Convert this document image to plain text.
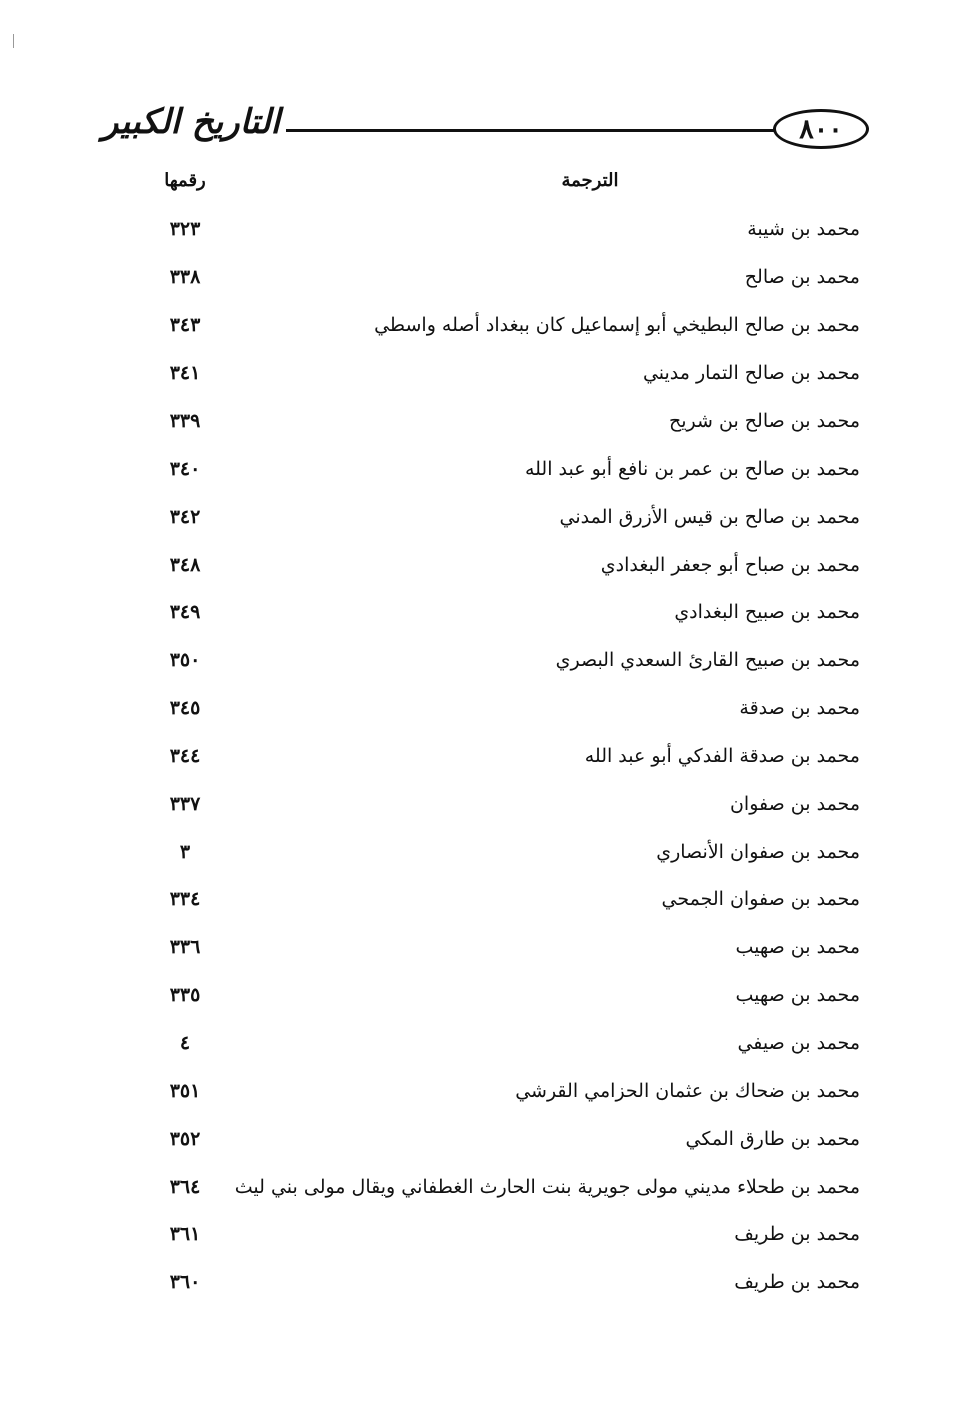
التاريخ الكبير	٨٠٠
الترجمة
رقمها
محمد بن شيبة
٣٢٣
محمد بن صالح
٣٣٨
محمد بن صالح البطيخي أبو إسماعيل كان ببغداد أصله واسطي
٣٤٣
محمد بن صالح التمار مديني
٣٤١
محمد بن صالح بن شريح
٣٣٩
محمد بن صالح بن عمر بن نافع أبو عبد الله
٣٤٠
محمد بن صالح بن قيس الأزرق المدني
٣٤٢
محمد بن صباح أبو جعفر البغدادي
٣٤٨
محمد بن صبيح البغدادي
٣٤٩
محمد بن صبيح القارئ السعدي البصري
٣٥٠
محمد بن صدقة
٣٤٥
محمد بن صدقة الفدكي أبو عبد الله
٣٤٤
محمد بن صفوان
٣٣٧
محمد بن صفوان الأنصاري
٣
محمد بن صفوان الجمحي
٣٣٤
محمد بن صهيب
٣٣٦
محمد بن صهيب
٣٣٥
محمد بن صيفي
٤
محمد بن ضحاك بن عثمان الحزامي القرشي
٣٥١
محمد بن طارق المكي
٣٥٢
محمد بن طحلاء مديني مولى جويرية بنت الحارث الغطفاني ويقال مولى بني ليث
٣٦٤
محمد بن طريف
٣٦١
محمد بن طريف
٣٦٠
